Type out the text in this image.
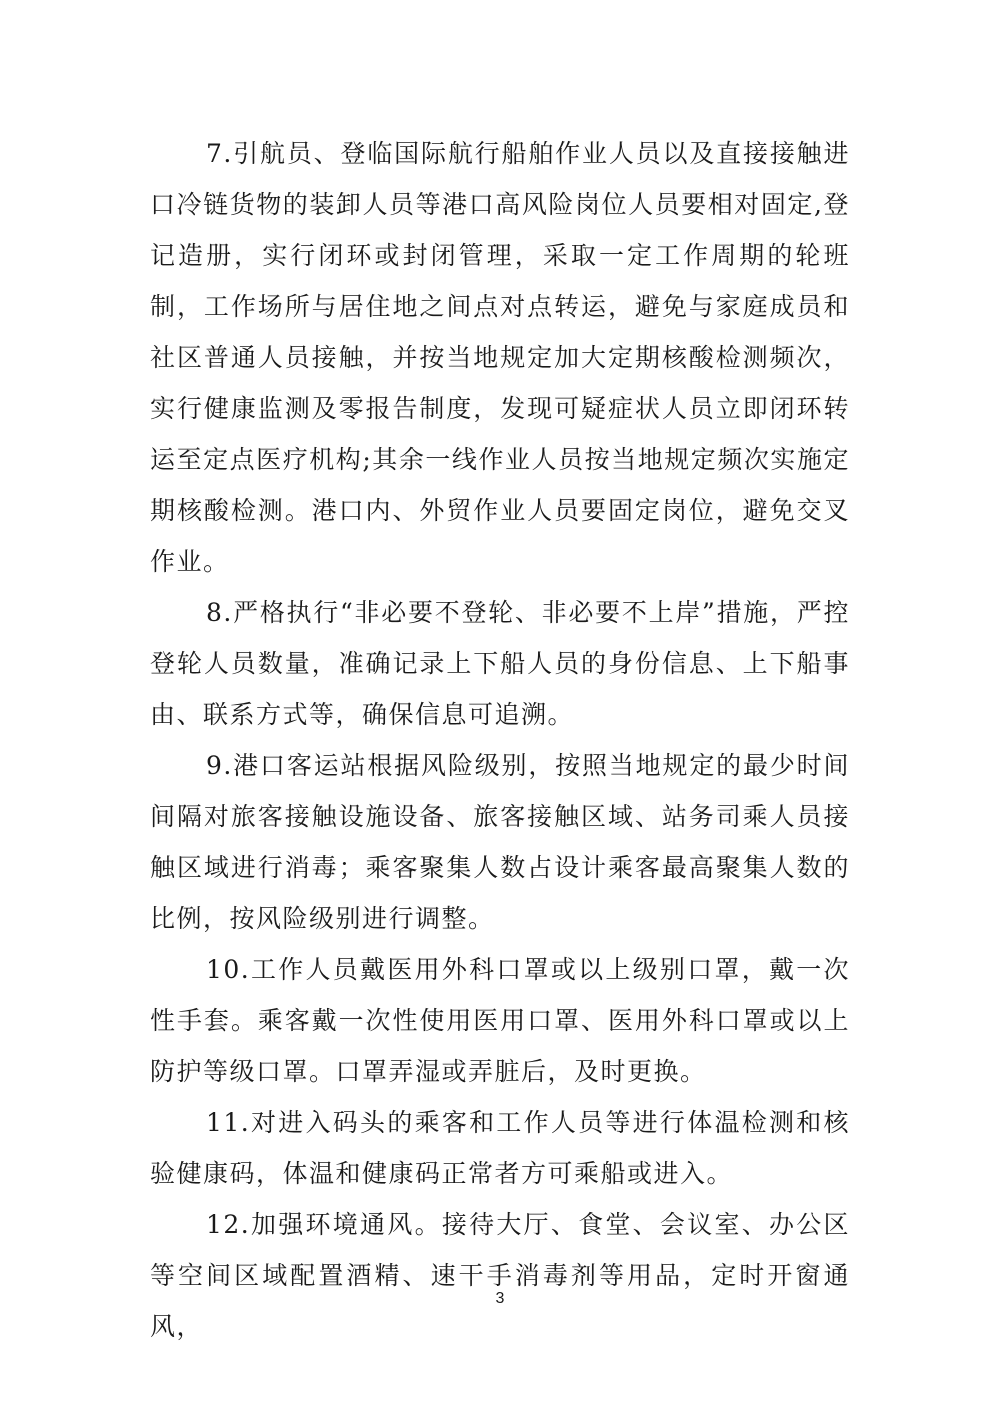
7.引航员、登临国际航行船舶作业人员以及直接接触进口冷链货物的装卸人员等港口高风险岗位人员要相对固定,登记造册，实行闭环或封闭管理，采取一定工作周期的轮班制，工作场所与居住地之间点对点转运，避免与家庭成员和社区普通人员接触，并按当地规定加大定期核酸检测频次，实行健康监测及零报告制度，发现可疑症状人员立即闭环转运至定点医疗机构;其余一线作业人员按当地规定频次实施定期核酸检测。港口内、外贸作业人员要固定岗位，避免交叉作业。

8.严格执行“非必要不登轮、非必要不上岸”措施，严控登轮人员数量，准确记录上下船人员的身份信息、上下船事由、联系方式等，确保信息可追溯。

9.港口客运站根据风险级别，按照当地规定的最少时间间隔对旅客接触设施设备、旅客接触区域、站务司乘人员接触区域进行消毒；乘客聚集人数占设计乘客最高聚集人数的比例，按风险级别进行调整。

10.工作人员戴医用外科口罩或以上级别口罩，戴一次性手套。乘客戴一次性使用医用口罩、医用外科口罩或以上防护等级口罩。口罩弄湿或弄脏后，及时更换。

11.对进入码头的乘客和工作人员等进行体温检测和核验健康码，体温和健康码正常者方可乘船或进入。

12.加强环境通风。接待大厅、食堂、会议室、办公区等空间区域配置酒精、速干手消毒剂等用品，定时开窗通风，

3
